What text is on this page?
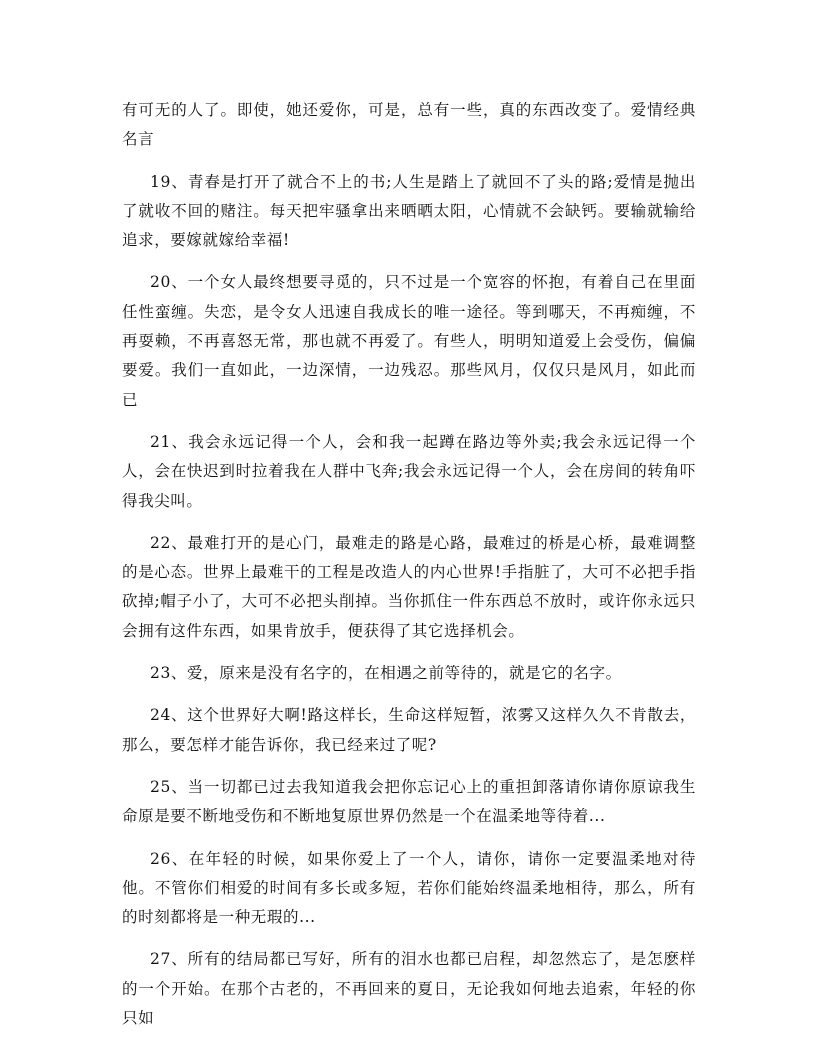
有可无的人了。即使，她还爱你，可是，总有一些，真的东西改变了。爱情经典名言

19、青春是打开了就合不上的书;人生是踏上了就回不了头的路;爱情是抛出了就收不回的赌注。每天把牢骚拿出来晒晒太阳，心情就不会缺钙。要输就输给追求，要嫁就嫁给幸福!

20、一个女人最终想要寻觅的，只不过是一个宽容的怀抱，有着自己在里面任性蛮缠。失恋，是令女人迅速自我成长的唯一途径。等到哪天，不再痴缠，不再耍赖，不再喜怒无常，那也就不再爱了。有些人，明明知道爱上会受伤，偏偏要爱。我们一直如此，一边深情，一边残忍。那些风月，仅仅只是风月，如此而已

21、我会永远记得一个人，会和我一起蹲在路边等外卖;我会永远记得一个人，会在快迟到时拉着我在人群中飞奔;我会永远记得一个人，会在房间的转角吓得我尖叫。

22、最难打开的是心门，最难走的路是心路，最难过的桥是心桥，最难调整的是心态。世界上最难干的工程是改造人的内心世界!手指脏了，大可不必把手指砍掉;帽子小了，大可不必把头削掉。当你抓住一件东西总不放时，或许你永远只会拥有这件东西，如果肯放手，便获得了其它选择机会。

23、爱，原来是没有名字的，在相遇之前等待的，就是它的名字。

24、这个世界好大啊!路这样长，生命这样短暂，浓雾又这样久久不肯散去，那么，要怎样才能告诉你，我已经来过了呢?

25、当一切都已过去我知道我会把你忘记心上的重担卸落请你请你原谅我生命原是要不断地受伤和不断地复原世界仍然是一个在温柔地等待着...

26、在年轻的时候，如果你爱上了一个人，请你，请你一定要温柔地对待他。不管你们相爱的时间有多长或多短，若你们能始终温柔地相待，那么，所有的时刻都将是一种无瑕的...

27、所有的结局都已写好，所有的泪水也都已启程，却忽然忘了，是怎麽样的一个开始。在那个古老的，不再回来的夏日，无论我如何地去追索，年轻的你只如
